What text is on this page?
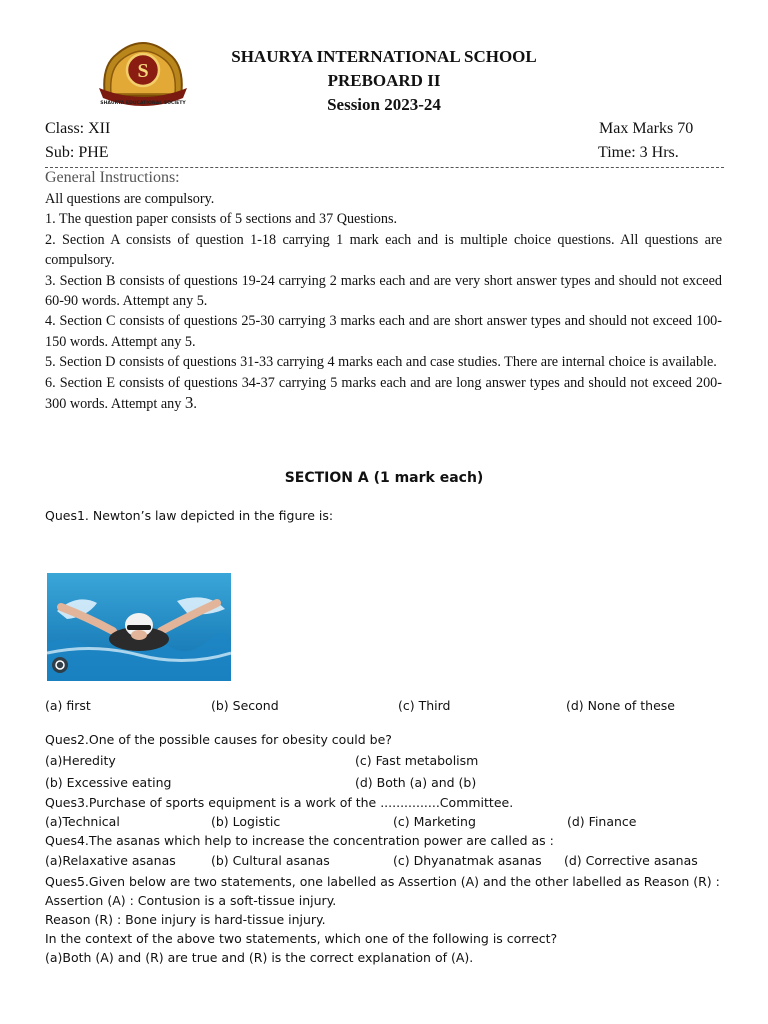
S
SHAURYA EDUCATIONAL SOCIETY
SHAURYA INTERNATIONAL SCHOOL
PREBOARD II
Session 2023-24
Class: XII	Max Marks 70
Sub: PHE	Time: 3 Hrs.
General Instructions:

All questions are compulsory.

1. The question paper consists of 5 sections and 37 Questions.

2. Section A consists of question 1-18 carrying 1 mark each and is multiple choice questions. All questions are compulsory.

3. Section B consists of questions 19-24 carrying 2 marks each and are very short answer types and should not exceed 60-90 words. Attempt any 5.

4. Section C consists of questions 25-30 carrying 3 marks each and are short answer types and should not exceed 100-150 words. Attempt any 5.

5. Section D consists of questions 31-33 carrying 4 marks each and case studies. There are internal choice is available.

6. Section E consists of questions 34-37 carrying 5 marks each and are long answer types and should not exceed 200-300 words. Attempt any 3.

SECTION A (1 mark each)
Ques1. Newton’s law depicted in the figure is:
(a) first	(b) Second	(c) Third	(d) None of these
Ques2.One of the possible causes for obesity could be?
(a)Heredity	(c) Fast metabolism
(b) Excessive eating	(d) Both (a) and (b)
Ques3.Purchase of sports equipment is a work of the ...............Committee.
(a)Technical	(b) Logistic	(c) Marketing	(d) Finance
Ques4.The asanas which help to increase the concentration power are called as :
(a)Relaxative asanas	(b) Cultural asanas	(c) Dhyanatmak asanas (d) Corrective asanas
Ques5.Given below are two statements, one labelled as Assertion (A) and the other labelled as Reason (R) :
Assertion (A) : Contusion is a soft-tissue injury.
Reason (R) : Bone injury is hard-tissue injury.
In the context of the above two statements, which one of the following is correct?
(a)Both (A) and (R) are true and (R) is the correct explanation of (A).
